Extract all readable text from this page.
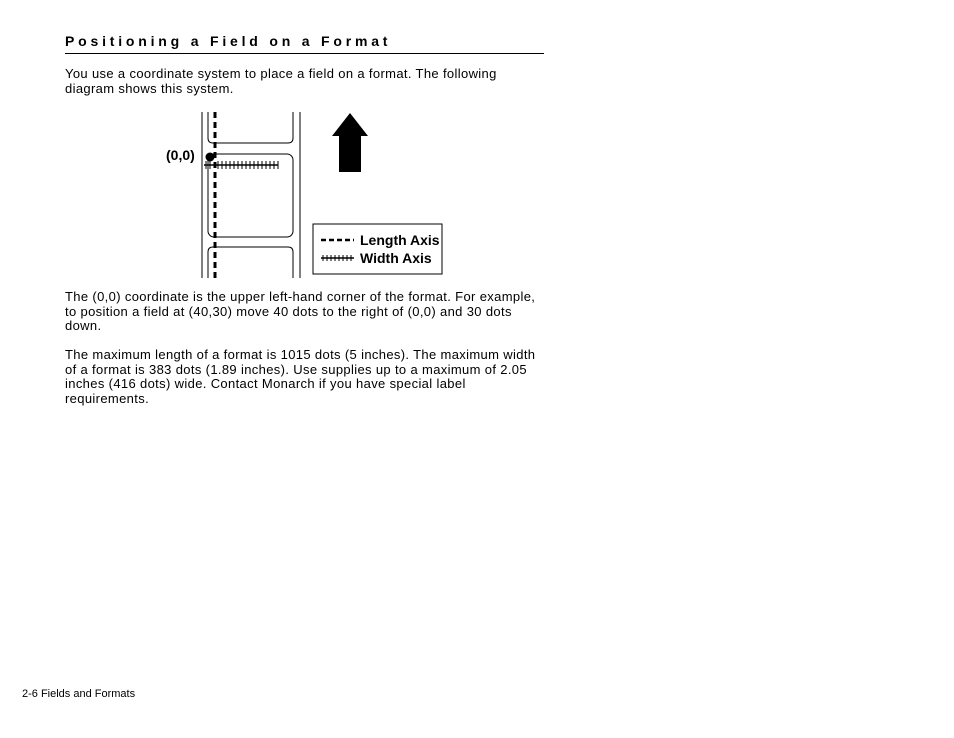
Positioning a Field on a Format

You use a coordinate system to place a field on a format. The following diagram shows this system.

(0,0)
Length Axis
Width Axis

The (0,0) coordinate is the upper left-hand corner of the format. For example, to position a field at (40,30) move 40 dots to the right of (0,0) and 30 dots down.

The maximum length of a format is 1015 dots (5 inches). The maximum width of a format is 383 dots (1.89 inches). Use supplies up to a maximum of 2.05 inches (416 dots) wide. Contact Monarch if you have special label requirements.

2-6 Fields and Formats
